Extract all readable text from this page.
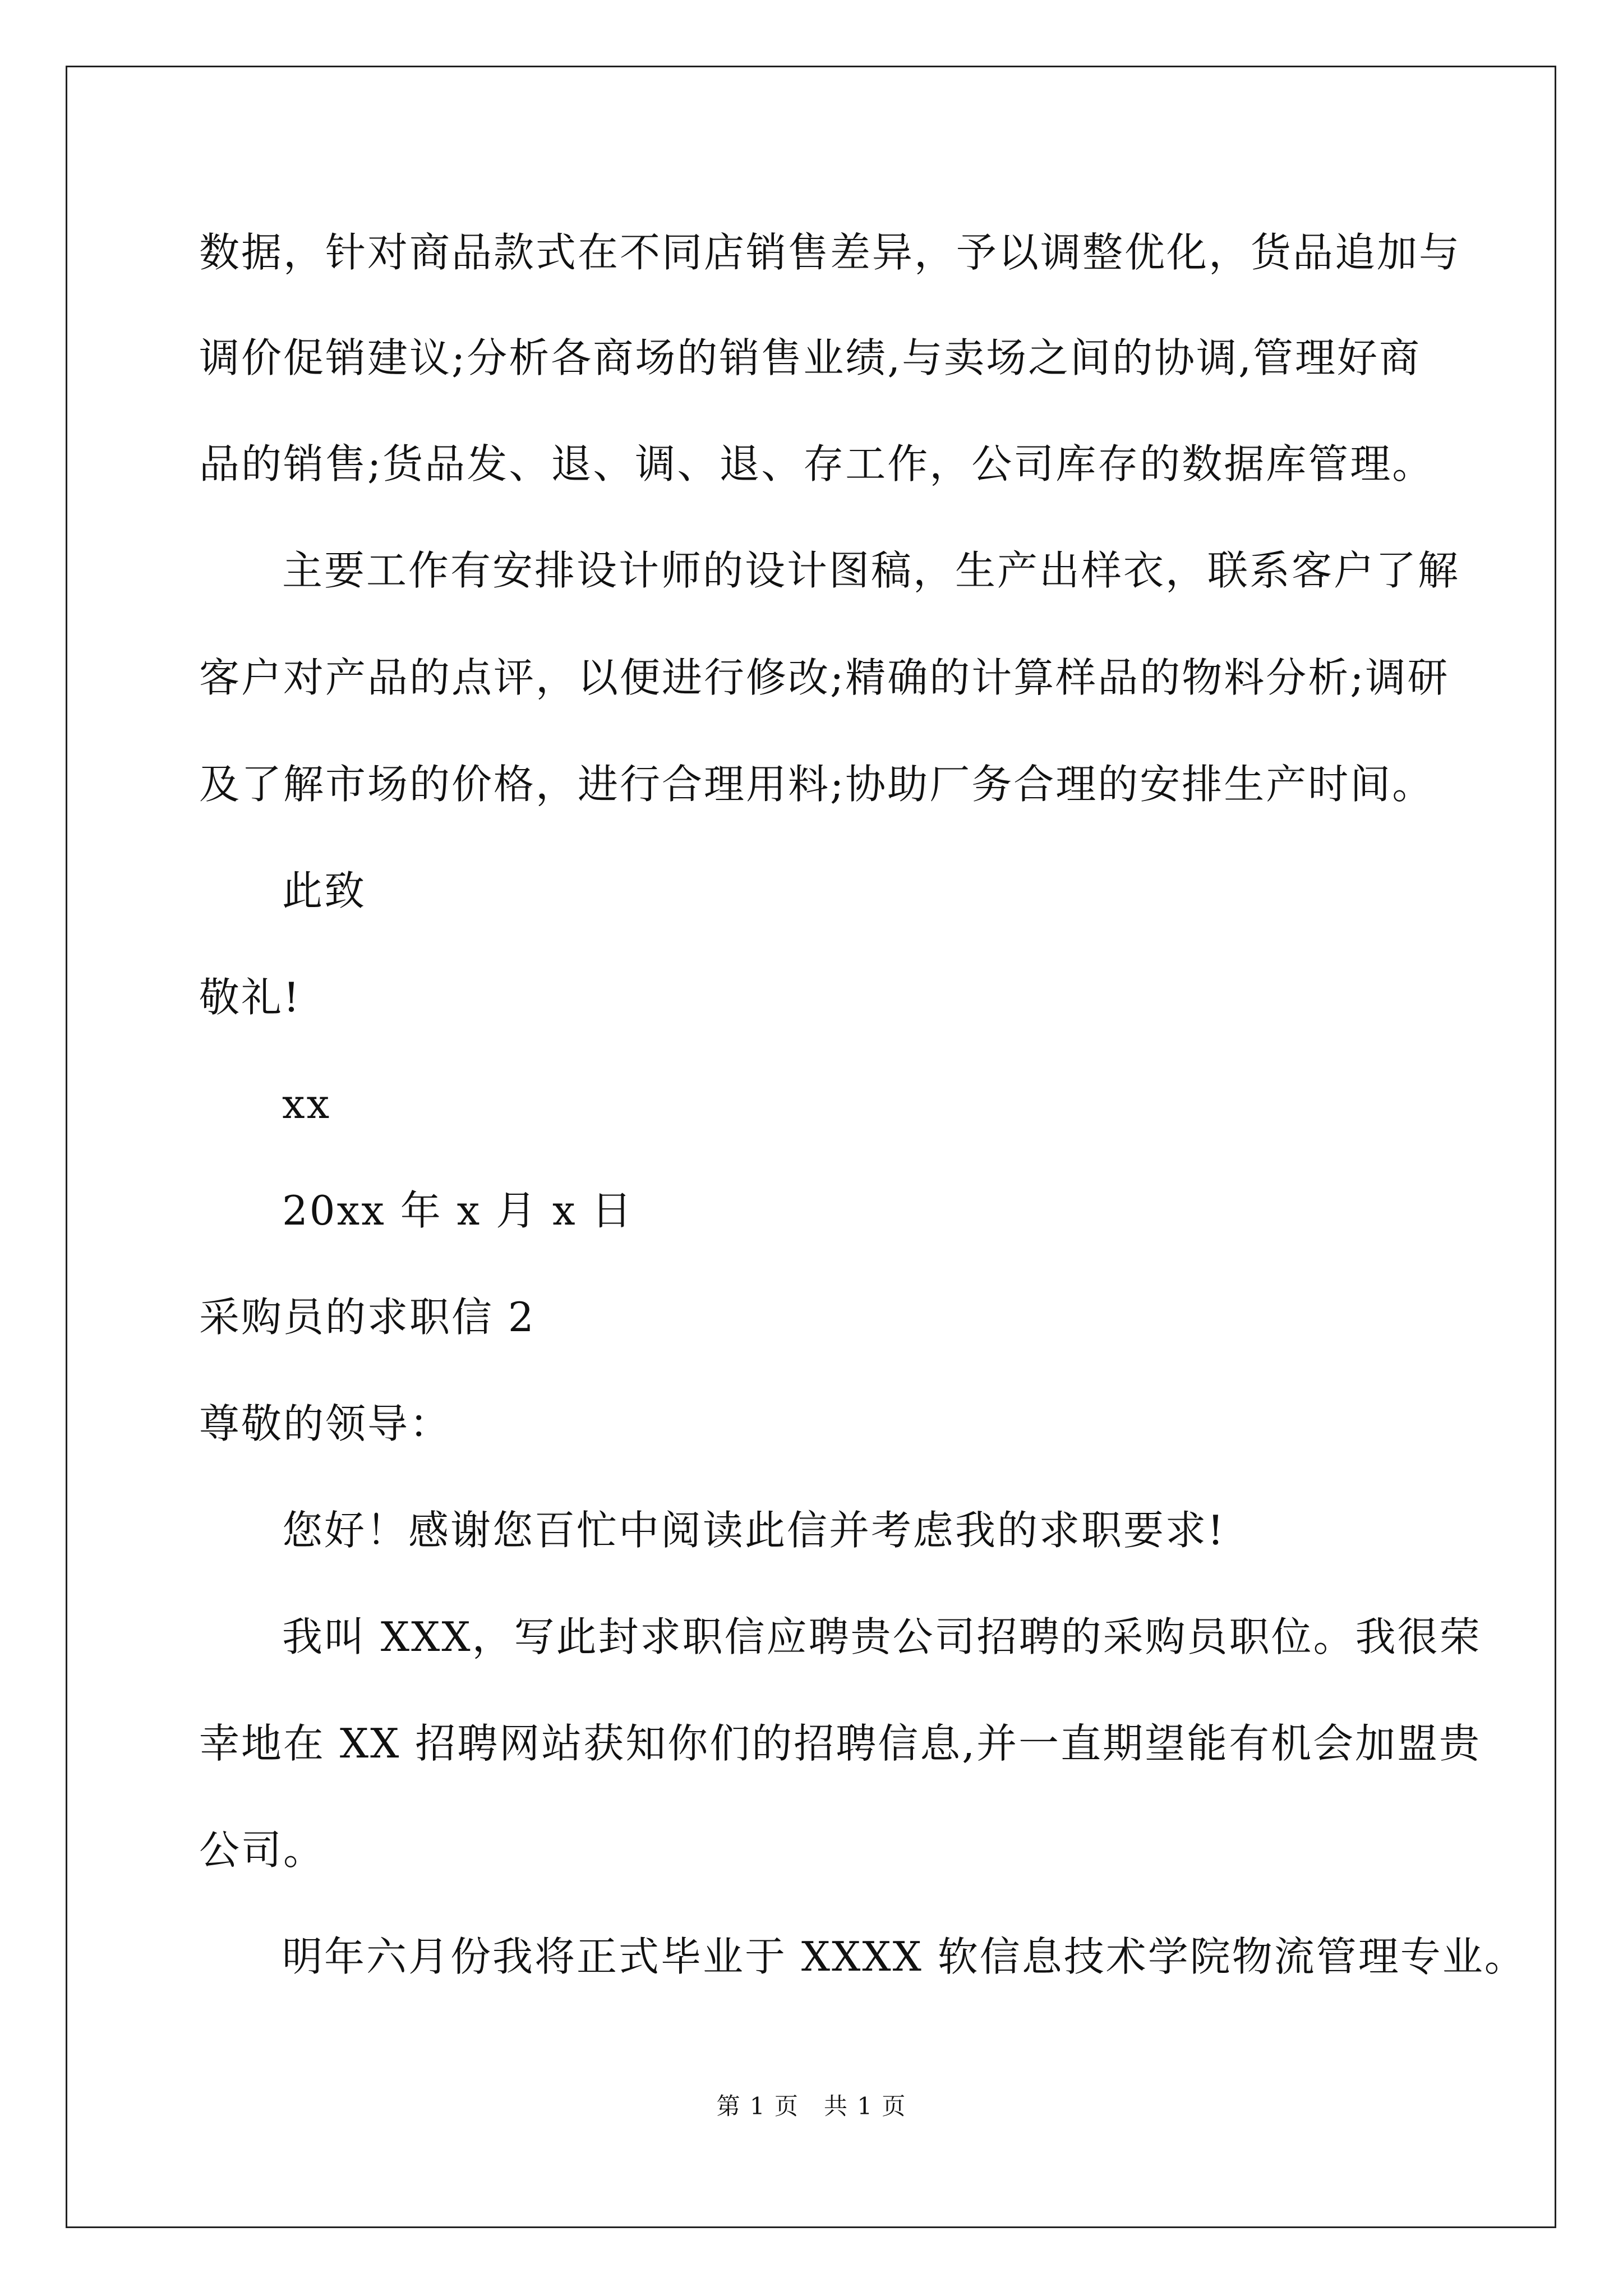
数据，针对商品款式在不同店销售差异，予以调整优化，货品追加与
调价促销建议;分析各商场的销售业绩,与卖场之间的协调,管理好商
品的销售;货品发、退、调、退、存工作，公司库存的数据库管理。
主要工作有安排设计师的设计图稿，生产出样衣，联系客户了解
客户对产品的点评，以便进行修改;精确的计算样品的物料分析;调研
及了解市场的价格，进行合理用料;协助厂务合理的安排生产时间。
此致
敬礼!
xx
20xx 年 x 月 x 日
采购员的求职信 2
尊敬的领导：
您好！感谢您百忙中阅读此信并考虑我的求职要求!
我叫 XXX，写此封求职信应聘贵公司招聘的采购员职位。我很荣
幸地在 XX 招聘网站获知你们的招聘信息,并一直期望能有机会加盟贵
公司。
明年六月份我将正式毕业于 XXXX 软信息技术学院物流管理专业。
第 1 页　共 1 页
